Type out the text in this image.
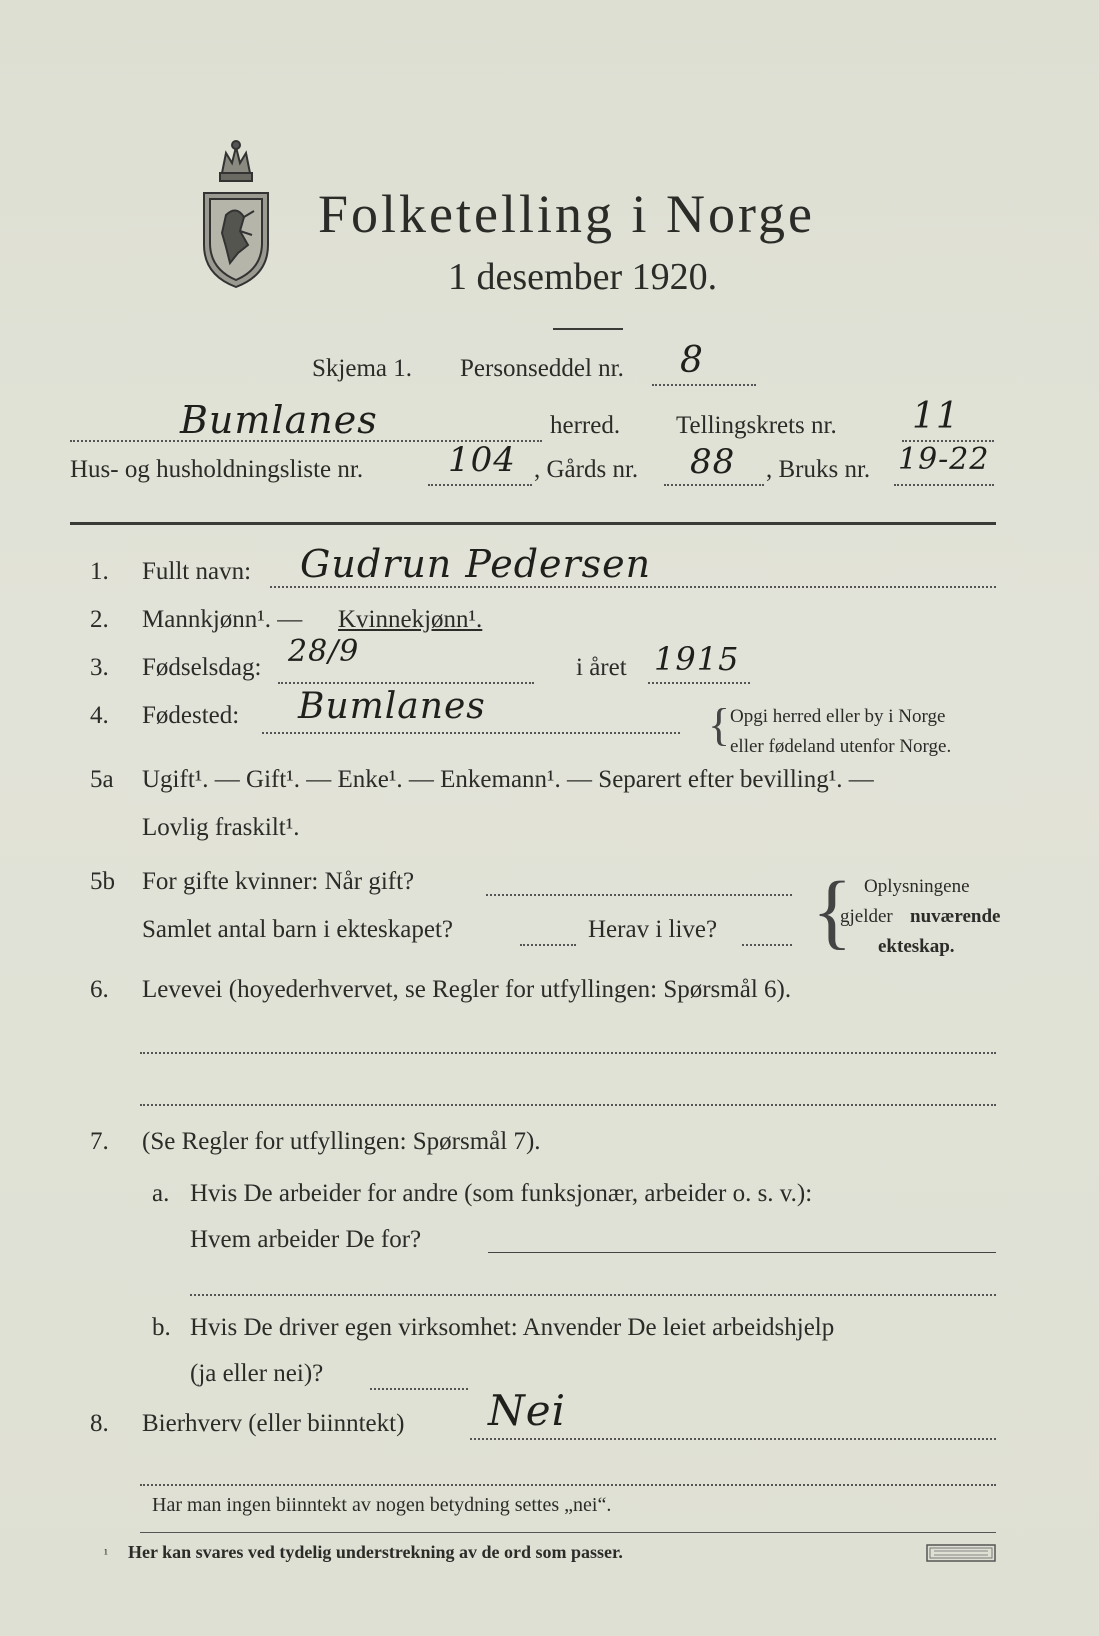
Folketelling i Norge
1 desember 1920.
Skjema 1. Personseddel nr. 8
Bumlanes	herred. Tellingskrets nr. 11
Hus- og husholdningsliste nr. 104 , Gårds nr. 88 , Bruks nr. 19-22
1. Fullt navn: Gudrun Pedersen
2. Mannkjønn¹. — Kvinnekjønn¹.
3. Fødselsdag: 28/9	i året 1915
4. Fødested: Bumlanes	{ Opgi herred eller by i Norge
eller fødeland utenfor Norge.
5a Ugift¹. — Gift¹. — Enke¹. — Enkemann¹. — Separert efter bevilling¹. —
Lovlig fraskilt¹.
5b For gifte kvinner: Når gift?
Samlet antal barn i ekteskapet?	Herav i live? { Oplysningene
gjelder nuværende
ekteskap.
6. Levevei (hoyederhvervet, se Regler for utfyllingen: Spørsmål 6).
7. (Se Regler for utfyllingen: Spørsmål 7).
a. Hvis De arbeider for andre (som funksjonær, arbeider o. s. v.):
Hvem arbeider De for?
b. Hvis De driver egen virksomhet: Anvender De leiet arbeidshjelp
(ja eller nei)?
8. Bierhverv (eller biinntekt) Nei
Har man ingen biinntekt av nogen betydning settes „nei“.
¹ Her kan svares ved tydelig understrekning av de ord som passer.
